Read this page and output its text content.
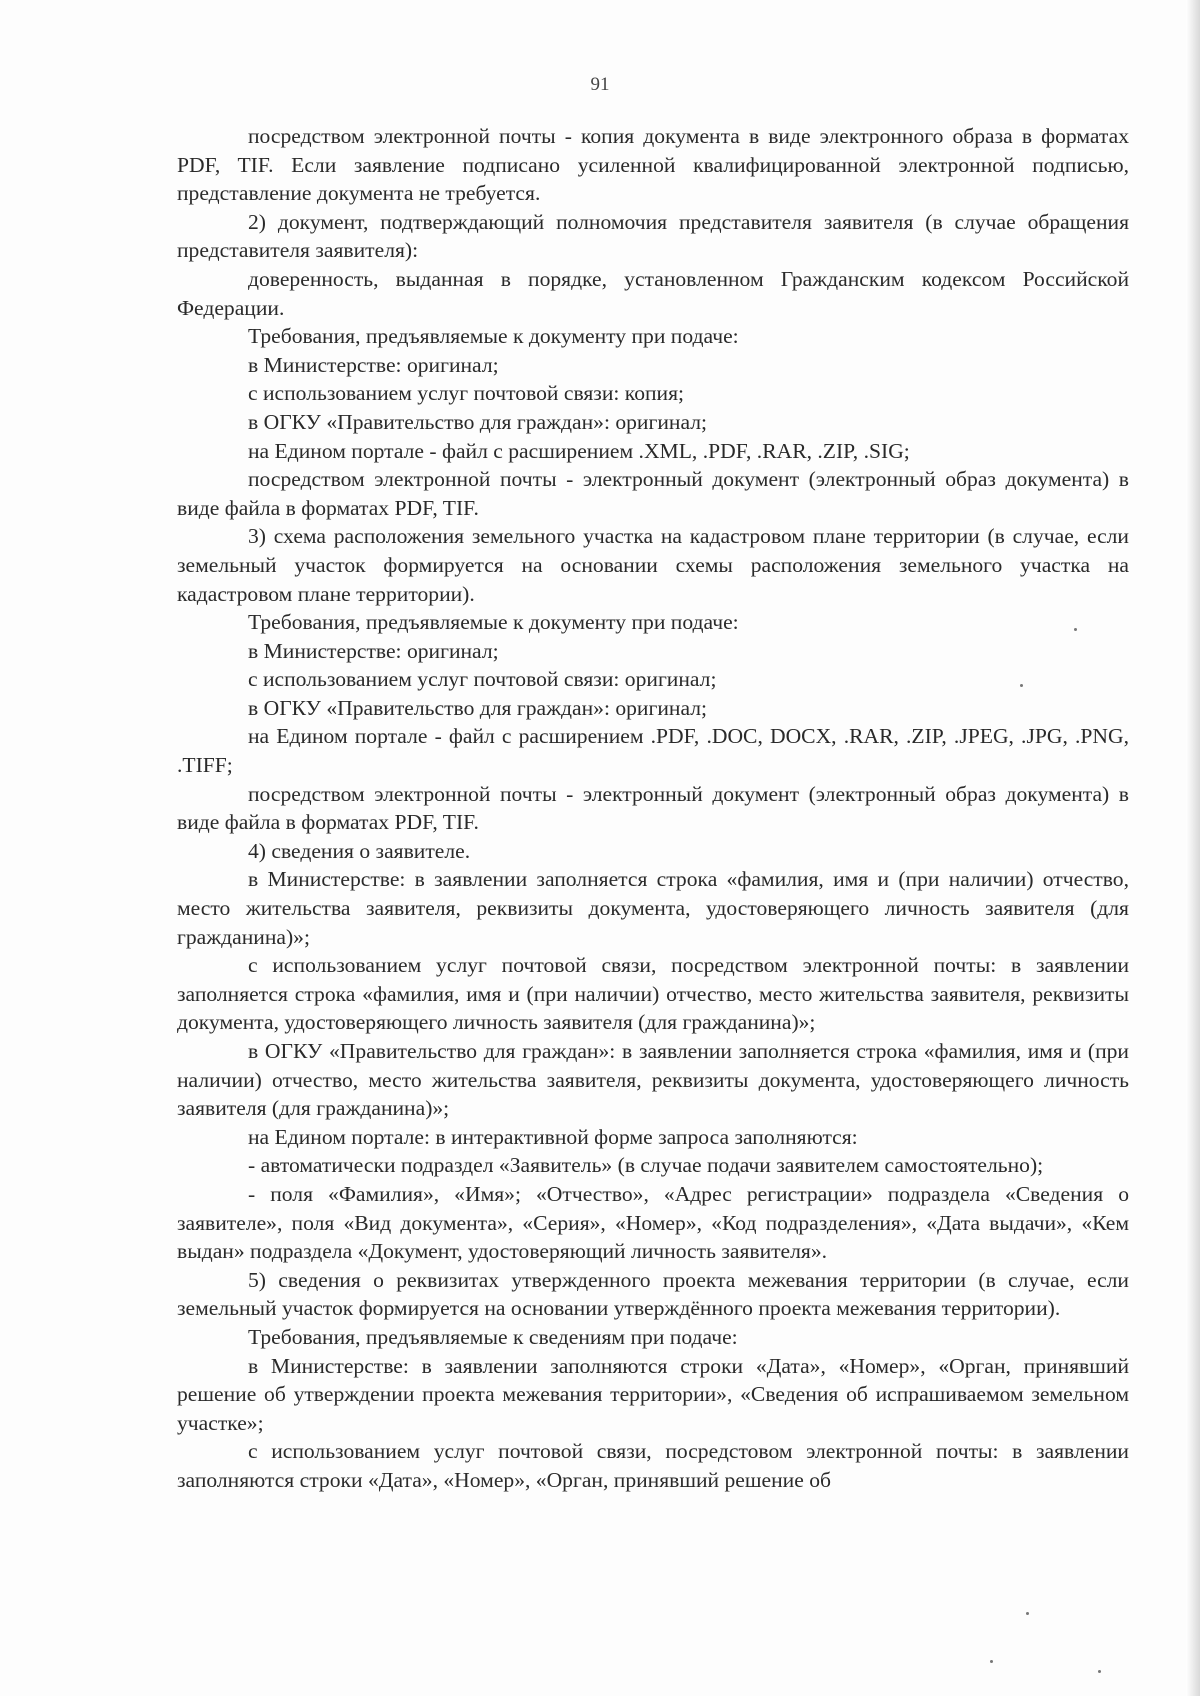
91

посредством электронной почты - копия документа в виде электронного образа в форматах PDF, TIF. Если заявление подписано усиленной квалифицированной электронной подписью, представление документа не требуется.

2) документ, подтверждающий полномочия представителя заявителя (в случае обращения представителя заявителя):

доверенность, выданная в порядке, установленном Гражданским кодексом Российской Федерации.

Требования, предъявляемые к документу при подаче:

в Министерстве: оригинал;

с использованием услуг почтовой связи: копия;

в ОГКУ «Правительство для граждан»: оригинал;

на Едином портале - файл с расширением .XML, .PDF, .RAR, .ZIP, .SIG;

посредством электронной почты - электронный документ (электронный образ документа) в виде файла в форматах PDF, TIF.

3) схема расположения земельного участка на кадастровом плане территории (в случае, если земельный участок формируется на основании схемы расположения земельного участка на кадастровом плане территории).

Требования, предъявляемые к документу при подаче:

в Министерстве: оригинал;

с использованием услуг почтовой связи: оригинал;

в ОГКУ «Правительство для граждан»: оригинал;

на Едином портале - файл с расширением .PDF, .DOC, DOCX, .RAR, .ZIP, .JPEG, .JPG, .PNG, .TIFF;

посредством электронной почты - электронный документ (электронный образ документа) в виде файла в форматах PDF, TIF.

4) сведения о заявителе.

в Министерстве: в заявлении заполняется строка «фамилия, имя и (при наличии) отчество, место жительства заявителя, реквизиты документа, удостоверяющего личность заявителя (для гражданина)»;

с использованием услуг почтовой связи, посредством электронной почты: в заявлении заполняется строка «фамилия, имя и (при наличии) отчество, место жительства заявителя, реквизиты документа, удостоверяющего личность заявителя (для гражданина)»;

в ОГКУ «Правительство для граждан»: в заявлении заполняется строка «фамилия, имя и (при наличии) отчество, место жительства заявителя, реквизиты документа, удостоверяющего личность заявителя (для гражданина)»;

на Едином портале: в интерактивной форме запроса заполняются:

- автоматически подраздел «Заявитель» (в случае подачи заявителем самостоятельно);

- поля «Фамилия», «Имя»; «Отчество», «Адрес регистрации» подраздела «Сведения о заявителе», поля «Вид документа», «Серия», «Номер», «Код подразделения», «Дата выдачи», «Кем выдан» подраздела «Документ, удостоверяющий личность заявителя».

5) сведения о реквизитах утвержденного проекта межевания территории (в случае, если земельный участок формируется на основании утверждённого проекта межевания территории).

Требования, предъявляемые к сведениям при подаче:

в Министерстве: в заявлении заполняются строки «Дата», «Номер», «Орган, принявший решение об утверждении проекта межевания территории», «Сведения об испрашиваемом земельном участке»;

с использованием услуг почтовой связи, посредстовом электронной почты: в заявлении заполняются строки «Дата», «Номер», «Орган, принявший решение об
